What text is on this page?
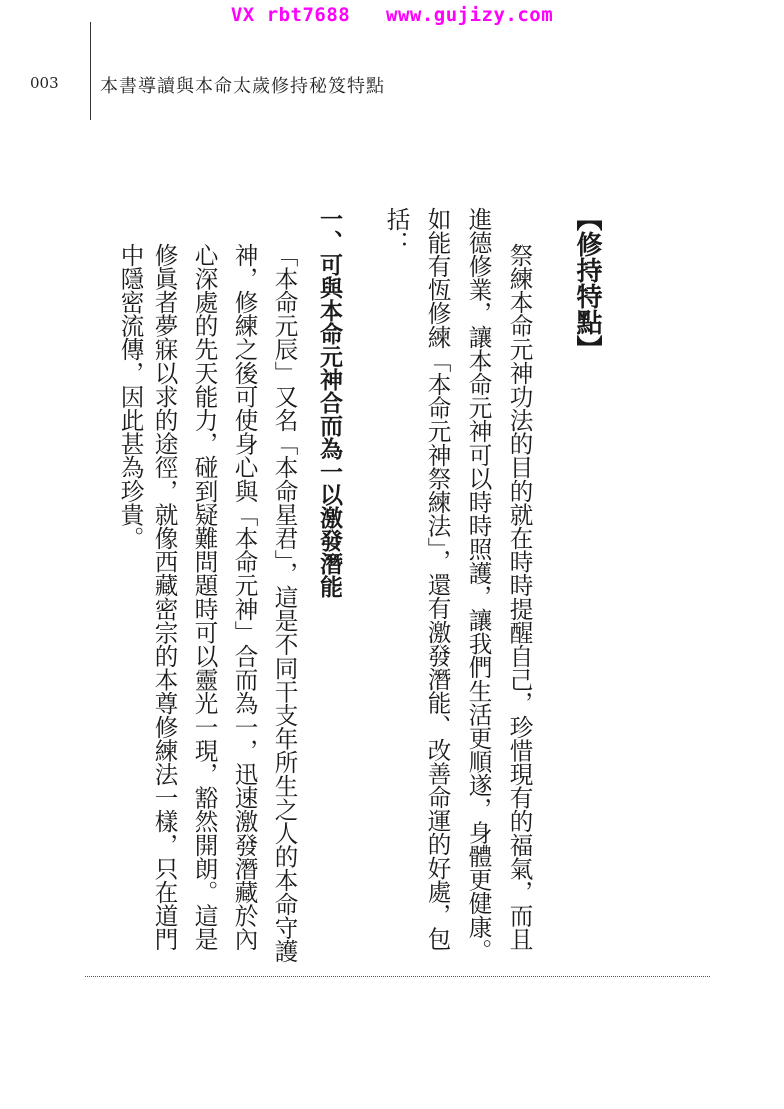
VX rbt7688   www.gujizy.com
003 本書導讀與本命太歲修持秘笈特點
【修持特點】
祭練本命元神功法的目的就在時時提醒自己，珍惜現有的福氣，而且
進德修業，讓本命元神可以時時照護，讓我們生活更順遂，身體更健康。
如能有恆修練「本命元神祭練法」，還有激發潛能、改善命運的好處，包
括：
一、可與本命元神合而為一以激發潛能
「本命元辰」又名「本命星君」，這是不同干支年所生之人的本命守護
神，修練之後可使身心與「本命元神」合而為一，迅速激發潛藏於內
心深處的先天能力，碰到疑難問題時可以靈光一現，豁然開朗。這是
修眞者夢寐以求的途徑，就像西藏密宗的本尊修練法一樣，只在道門
中隱密流傳，因此甚為珍貴。
